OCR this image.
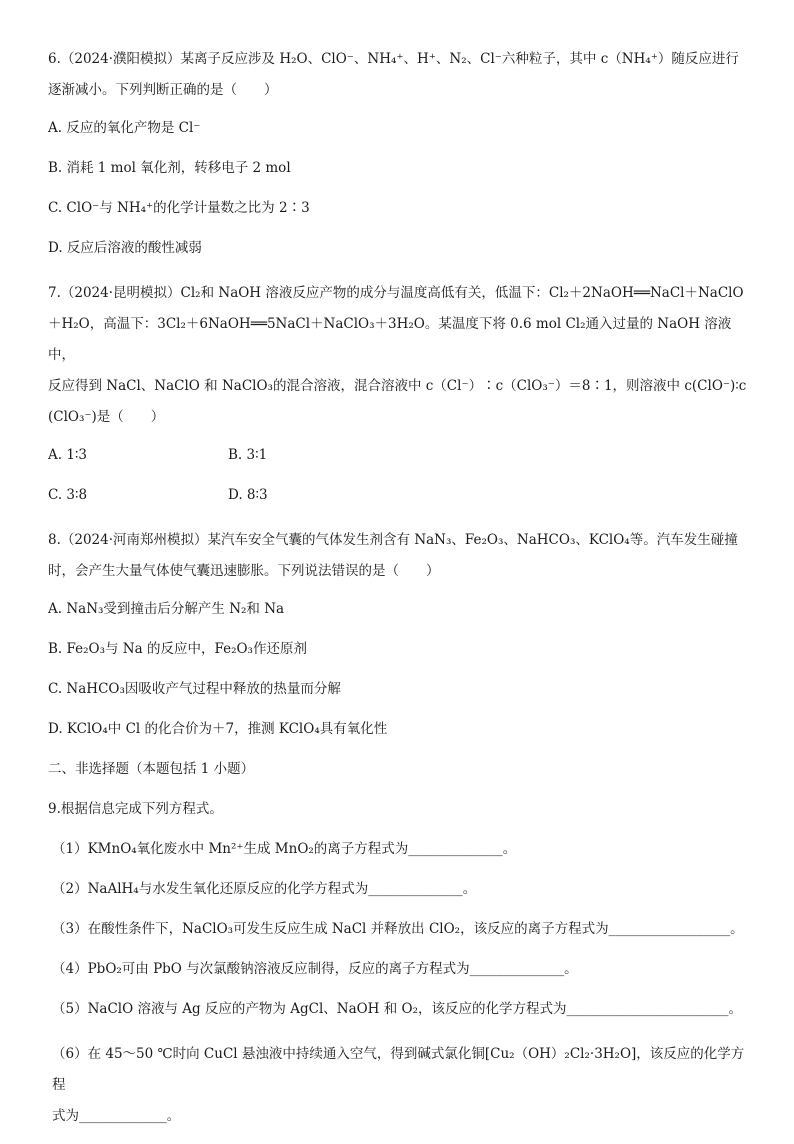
6.（2024·濮阳模拟）某离子反应涉及 H₂O、ClO⁻、NH₄⁺、H⁺、N₂、Cl⁻六种粒子，其中 c（NH₄⁺）随反应进行

逐渐减小。下列判断正确的是（　　）

A. 反应的氧化产物是 Cl⁻
B. 消耗 1 mol 氧化剂，转移电子 2 mol
C. ClO⁻与 NH₄⁺的化学计量数之比为 2∶3
D. 反应后溶液的酸性减弱

7.（2024·昆明模拟）Cl₂和 NaOH 溶液反应产物的成分与温度高低有关，低温下：Cl₂＋2NaOH══NaCl＋NaClO

＋H₂O，高温下：3Cl₂＋6NaOH══5NaCl＋NaClO₃＋3H₂O。某温度下将 0.6 mol Cl₂通入过量的 NaOH 溶液中，

反应得到 NaCl、NaClO 和 NaClO₃的混合溶液，混合溶液中 c（Cl⁻）∶c（ClO₃⁻）＝8∶1，则溶液中 c(ClO⁻)∶c

(ClO₃⁻)是（　　）

A. 1∶3	B. 3∶1
C. 3∶8	D. 8∶3

8.（2024·河南郑州模拟）某汽车安全气囊的气体发生剂含有 NaN₃、Fe₂O₃、NaHCO₃、KClO₄等。汽车发生碰撞

时，会产生大量气体使气囊迅速膨胀。下列说法错误的是（　　）

A. NaN₃受到撞击后分解产生 N₂和 Na
B. Fe₂O₃与 Na 的反应中，Fe₂O₃作还原剂
C. NaHCO₃因吸收产气过程中释放的热量而分解
D. KClO₄中 Cl 的化合价为＋7，推测 KClO₄具有氧化性
二、非选择题（本题包括 1 小题）
9.根据信息完成下列方程式。
（1）KMnO₄氧化废水中 Mn²⁺生成 MnO₂的离子方程式为______________。
（2）NaAlH₄与水发生氧化还原反应的化学方程式为______________。
（3）在酸性条件下，NaClO₃可发生反应生成 NaCl 并释放出 ClO₂，该反应的离子方程式为__________________。
（4）PbO₂可由 PbO 与次氯酸钠溶液反应制得，反应的离子方程式为______________。
（5）NaClO 溶液与 Ag 反应的产物为 AgCl、NaOH 和 O₂，该反应的化学方程式为________________________。

（6）在 45～50 ℃时向 CuCl 悬浊液中持续通入空气，得到碱式氯化铜[Cu₂（OH）₂Cl₂·3H₂O]，该反应的化学方程

式为_____________。
